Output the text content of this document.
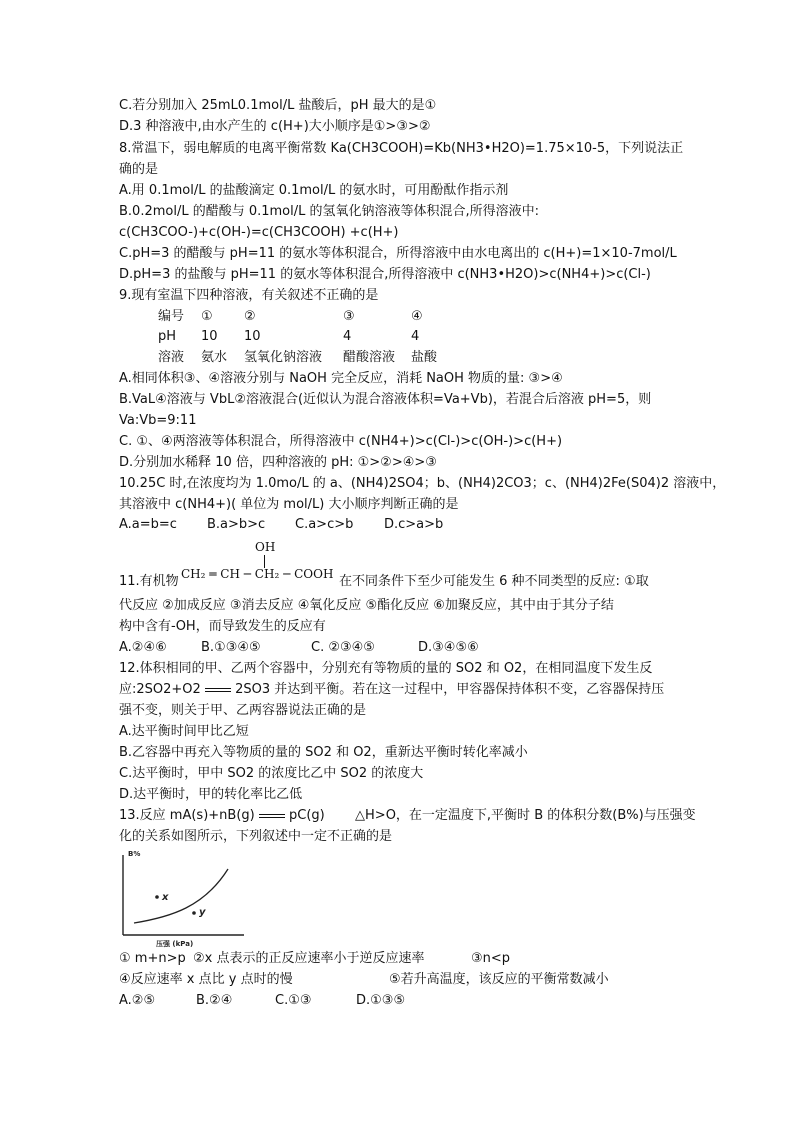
C.若分别加入 25mL0.1mol/L 盐酸后，pH 最大的是①
D.3 种溶液中,由水产生的 c(H+)大小顺序是①>③>②
8.常温下，弱电解质的电离平衡常数 Ka(CH3COOH)=Kb(NH3•H2O)=1.75×10-5，下列说法正
确的是
A.用 0.1mol/L 的盐酸滴定 0.1mol/L 的氨水时，可用酚酞作指示剂
B.0.2mol/L 的醋酸与 0.1mol/L 的氢氧化钠溶液等体积混合,所得溶液中:
c(CH3COO-)+c(OH-)=c(CH3COOH) +c(H+)
C.pH=3 的醋酸与 pH=11 的氨水等体积混合，所得溶液中由水电离出的 c(H+)=1×10-7mol/L
D.pH=3 的盐酸与 pH=11 的氨水等体积混合,所得溶液中 c(NH3•H2O)>c(NH4+)>c(Cl-)
9.现有室温下四种溶液，有关叙述不正确的是
编号 ① ②	③	④
pH 10 10	4	4
溶液 氨水 氢氧化钠溶液 醋酸溶液 盐酸
A.相同体积③、④溶液分别与 NaOH 完全反应，消耗 NaOH 物质的量: ③>④
B.VaL④溶液与 VbL②溶液混合(近似认为混合溶液体积=Va+Vb)，若混合后溶液 pH=5，则
Va:Vb=9:11
C. ①、④两溶液等体积混合，所得溶液中 c(NH4+)>c(Cl-)>c(OH-)>c(H+)
D.分别加水稀释 10 倍，四种溶液的 pH: ①>②>④>③
10.25C 时,在浓度均为 1.0mo/L 的 a、(NH4)2SO4；b、(NH4)2CO3；c、(NH4)2Fe(S04)2 溶液中，
其溶液中 c(NH4+)( 单位为 mol/L) 大小顺序判断正确的是
A.a=b=c B.a>b>c C.a>c>b D.c>a>b
11.有机物
OH
CH₂ ═ CH ─ CH₂ ─ COOH 在不同条件下至少可能发生 6 种不同类型的反应: ①取
代反应 ②加成反应 ③消去反应 ④氧化反应 ⑤酯化反应 ⑥加聚反应，其中由于其分子结
构中含有-OH，而导致发生的反应有
A.②④⑥	B.①③④⑤	C. ②③④⑤	D.③④⑤⑥
12.体积相同的甲、乙两个容器中，分别充有等物质的量的 SO2 和 O2，在相同温度下发生反
应:2SO2+O2	2SO3 并达到平衡。若在这一过程中，甲容器保持体积不变，乙容器保持压
强不变，则关于甲、乙两容器说法正确的是
A.达平衡时间甲比乙短
B.乙容器中再充入等物质的量的 SO2 和 O2，重新达平衡时转化率减小
C.达平衡时，甲中 SO2 的浓度比乙中 SO2 的浓度大
D.达平衡时，甲的转化率比乙低
13.反应 mA(s)+nB(g)	pC(g) △H>O，在一定温度下,平衡时 B 的体积分数(B%)与压强变
化的关系如图所示，下列叙述中一定不正确的是
B%
x
y
压强 (kPa)
① m+n>p ②x 点表示的正反应速率小于逆反应速率	③n<p
④反应速率 x 点比 y 点时的慢	⑤若升高温度，该反应的平衡常数减小
A.②⑤	B.②④	C.①③	D.①③⑤
